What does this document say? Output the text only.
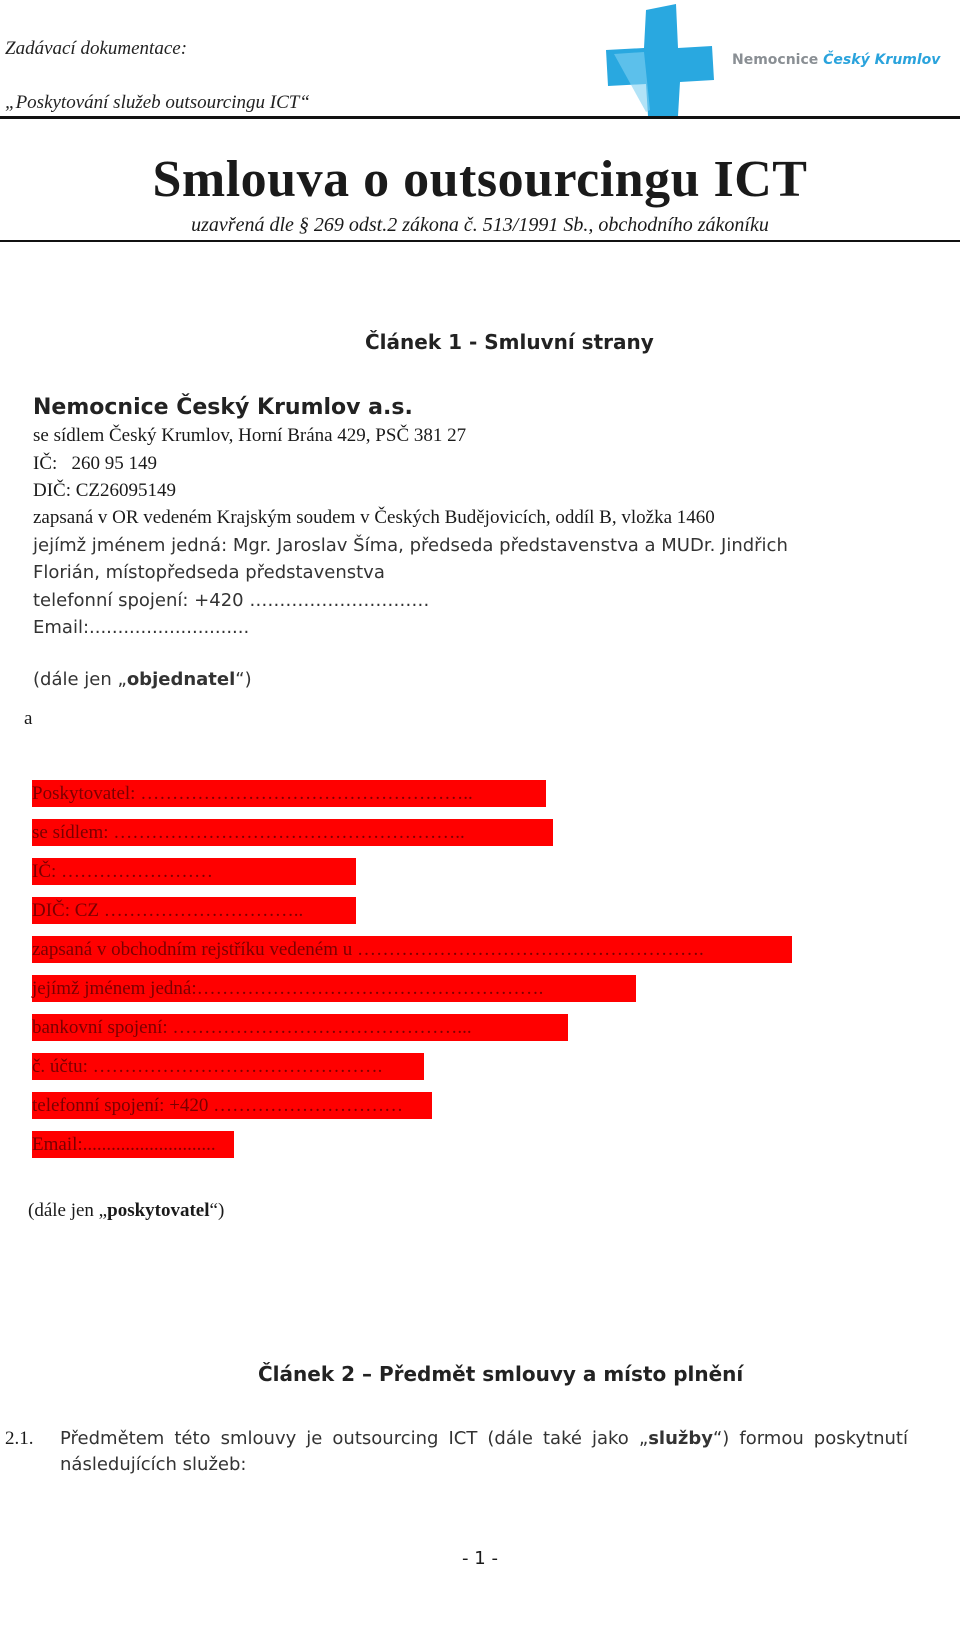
Zadávací dokumentace:
„Poskytování služeb outsourcingu ICT“
Nemocnice Český Krumlov
Smlouva o outsourcingu ICT
uzavřená dle § 269 odst.2 zákona č. 513/1991 Sb., obchodního zákoníku
Článek 1 - Smluvní strany
Nemocnice Český Krumlov a.s.
se sídlem Český Krumlov, Horní Brána 429, PSČ 381 27
IČ:   260 95 149
DIČ: CZ26095149
zapsaná v OR vedeném Krajským soudem v Českých Budějovicích, oddíl B, vložka 1460
jejímž jménem jedná: Mgr. Jaroslav Šíma, předseda představenstva a MUDr. Jindřich
Florián, místopředseda představenstva
telefonní spojení: +420 …………………………
Email:............................
(dále jen „objednatel“)
a
Poskytovatel: ……………………………………………..
se sídlem: ………………………………………………..
IČ: ……………………
DIČ: CZ …………………………..
zapsaná v obchodním rejstříku vedeném u ……………………………………………….
jejímž jménem jedná:……………………………………………….
bankovní spojení: ………………………………………...
č. účtu: ……………………………………….
telefonní spojení: +420 …………………………
Email:............................
(dále jen „poskytovatel“)
Článek 2 – Předmět smlouvy a místo plnění
2.1. Předmětem této smlouvy je outsourcing ICT (dále také jako „služby“) formou poskytnutí
následujících služeb:
- 1 -
